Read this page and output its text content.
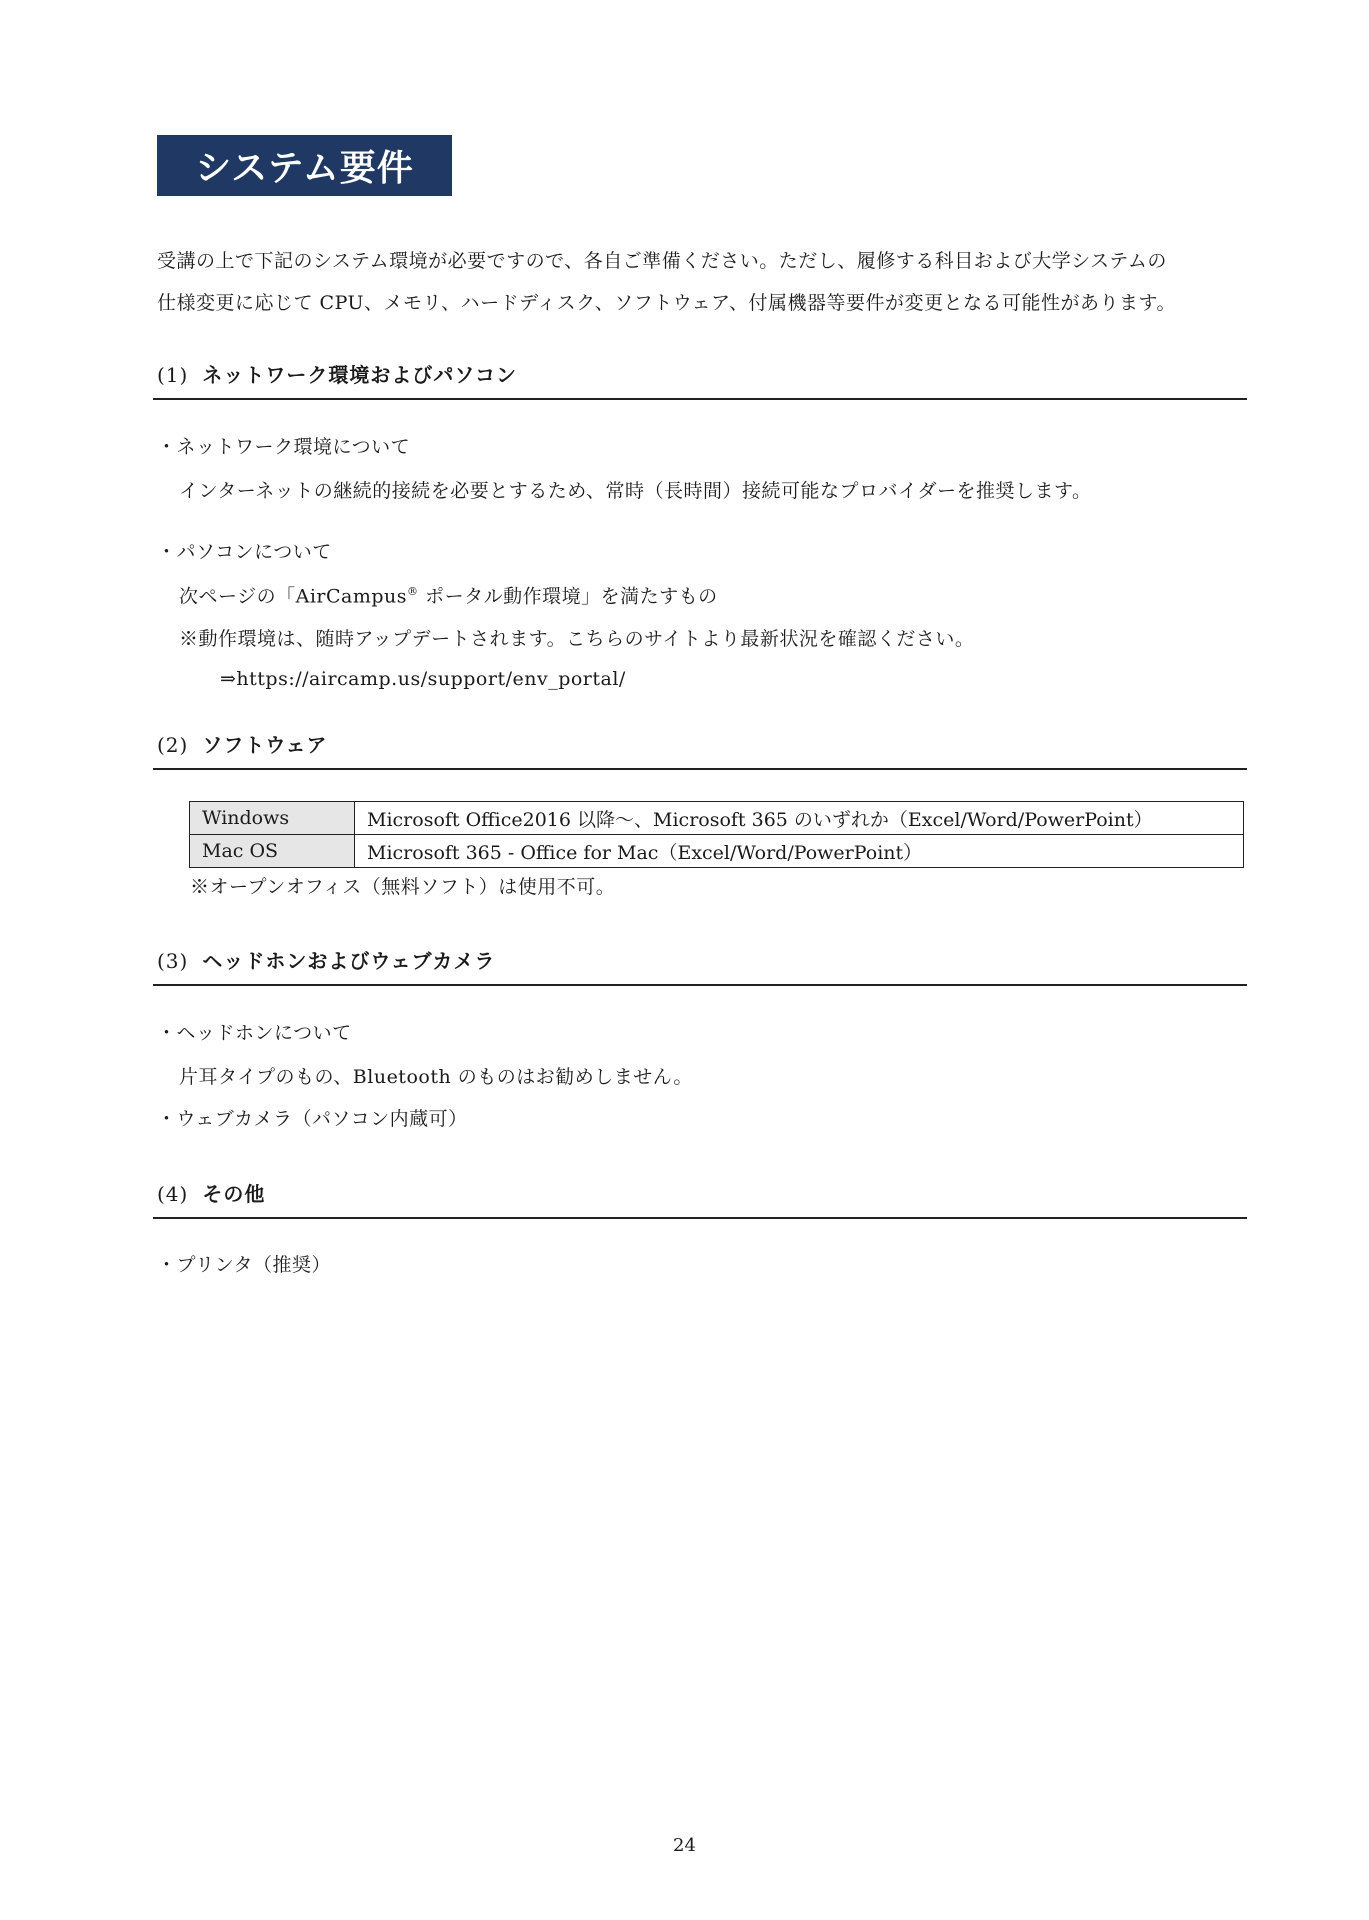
システム要件
受講の上で下記のシステム環境が必要ですので、各自ご準備ください。ただし、履修する科目および大学システムの
仕様変更に応じて CPU、メモリ、ハードディスク、ソフトウェア、付属機器等要件が変更となる可能性があります。
(1) ネットワーク環境およびパソコン
・ネットワーク環境について
インターネットの継続的接続を必要とするため、常時（長時間）接続可能なプロバイダーを推奨します。
・パソコンについて
次ページの「AirCampus® ポータル動作環境」を満たすもの
※動作環境は、随時アップデートされます。こちらのサイトより最新状況を確認ください。
⇒https://aircamp.us/support/env_portal/
(2) ソフトウェア
Windows	Microsoft Office2016 以降～、Microsoft 365 のいずれか（Excel/Word/PowerPoint）
Mac OS	Microsoft 365 - Office for Mac（Excel/Word/PowerPoint）
※オープンオフィス（無料ソフト）は使用不可。
(3) ヘッドホンおよびウェブカメラ
・ヘッドホンについて
片耳タイプのもの、Bluetooth のものはお勧めしません。
・ウェブカメラ（パソコン内蔵可）
(4) その他
・プリンタ（推奨）
24
